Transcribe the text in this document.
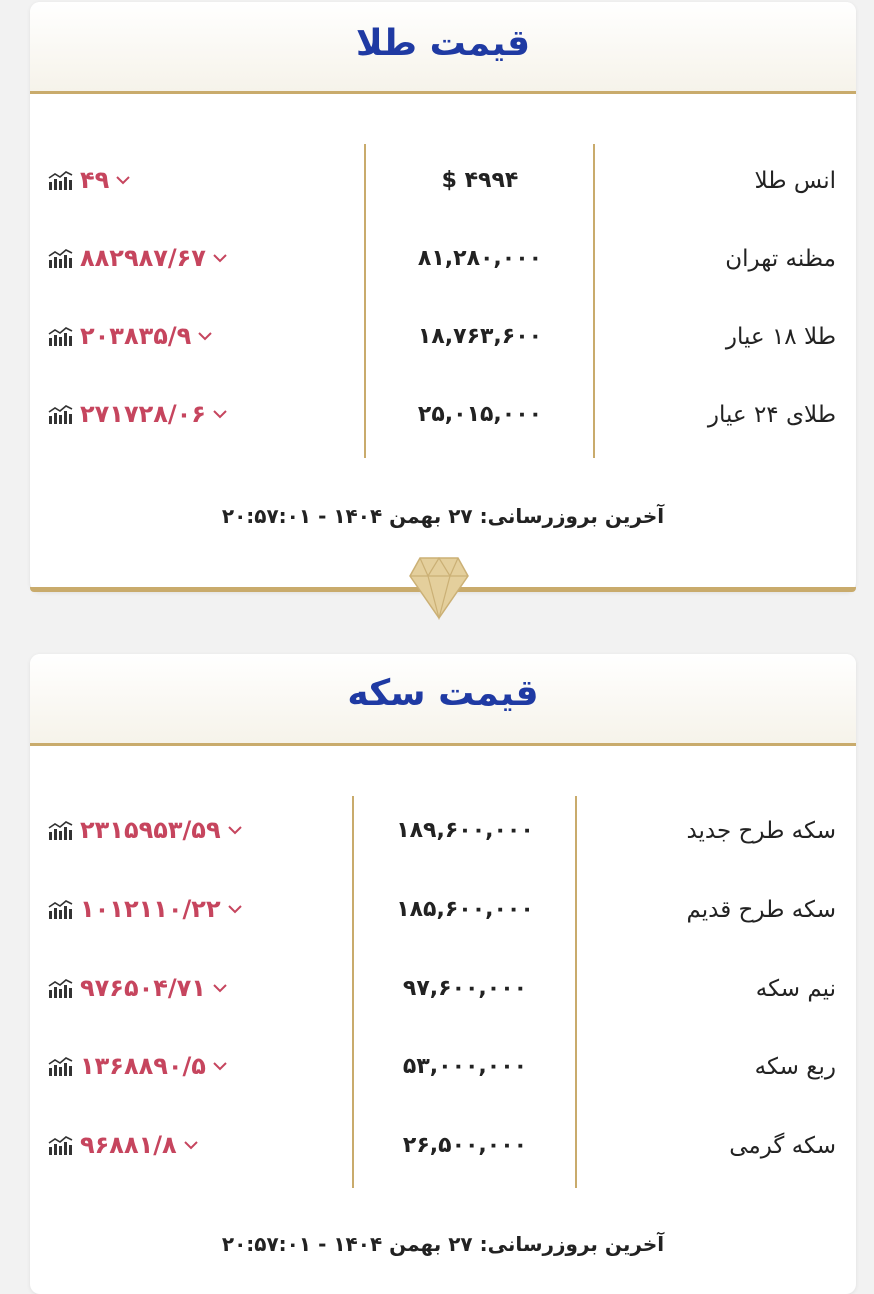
قیمت طلا
انس طلا
$ ۴۹۹۴
۴۹
مظنه تهران
۸۱,۲۸۰,۰۰۰
۸۸۲۹۸۷/۶۷
طلا ۱۸ عیار
۱۸,۷۶۳,۶۰۰
۲۰۳۸۳۵/۹
طلای ۲۴ عیار
۲۵,۰۱۵,۰۰۰
۲۷۱۷۲۸/۰۶
آخرین بروزرسانی: ۲۷ بهمن ۱۴۰۴ - ۲۰:۵۷:۰۱
قیمت سکه
سکه طرح جدید
۱۸۹,۶۰۰,۰۰۰
۲۳۱۵۹۵۳/۵۹
سکه طرح قدیم
۱۸۵,۶۰۰,۰۰۰
۱۰۱۲۱۱۰/۲۲
نیم سکه
۹۷,۶۰۰,۰۰۰
۹۷۶۵۰۴/۷۱
ربع سکه
۵۳,۰۰۰,۰۰۰
۱۳۶۸۸۹۰/۵
سکه گرمی
۲۶,۵۰۰,۰۰۰
۹۶۸۸۱/۸
آخرین بروزرسانی: ۲۷ بهمن ۱۴۰۴ - ۲۰:۵۷:۰۱
